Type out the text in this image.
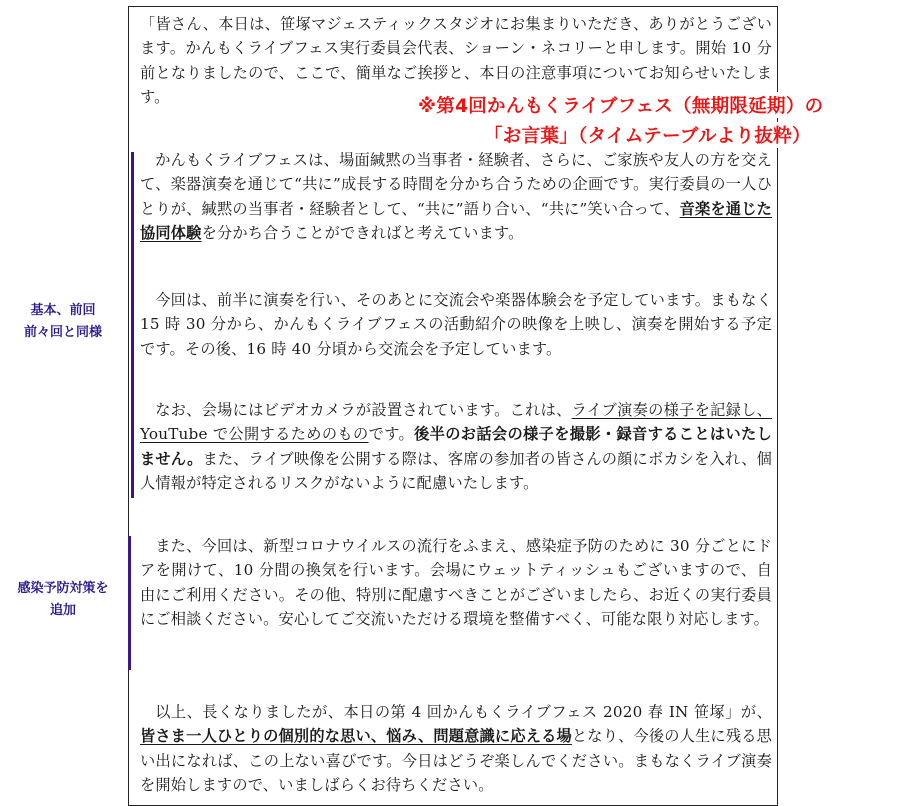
「皆さん、本日は、笹塚マジェスティックスタジオにお集まりいただき、ありがとうございます。かんもくライブフェス実行委員会代表、ショーン・ネコリーと申します。開始 10 分前となりましたので、ここで、簡単なご挨拶と、本日の注意事項についてお知らせいたします。	※第4回かんもくライブフェス（無期限延期）の
「お言葉」（タイムテーブルより抜粋）

かんもくライブフェスは、場面緘黙の当事者・経験者、さらに、ご家族や友人の方を交えて、楽器演奏を通じて“共に”成長する時間を分かち合うための企画です。実行委員の一人ひとりが、緘黙の当事者・経験者として、“共に”語り合い、“共に”笑い合って、音楽を通じた協同体験を分かち合うことができればと考えています。

今回は、前半に演奏を行い、そのあとに交流会や楽器体験会を予定しています。まもなく 15 時 30 分から、かんもくライブフェスの活動紹介の映像を上映し、演奏を開始する予定です。その後、16 時 40 分頃から交流会を予定しています。

なお、会場にはビデオカメラが設置されています。これは、ライブ演奏の様子を記録し、YouTube で公開するためのものです。後半のお話会の様子を撮影・録音することはいたしません。また、ライブ映像を公開する際は、客席の参加者の皆さんの顔にボカシを入れ、個人情報が特定されるリスクがないように配慮いたします。

また、今回は、新型コロナウイルスの流行をふまえ、感染症予防のために 30 分ごとにドアを開けて、10 分間の換気を行います。会場にウェットティッシュもございますので、自由にご利用ください。その他、特別に配慮すべきことがございましたら、お近くの実行委員にご相談ください。安心してご交流いただける環境を整備すべく、可能な限り対応します。

以上、長くなりましたが、本日の第 4 回かんもくライブフェス 2020 春 IN 笹塚」が、皆さま一人ひとりの個別的な思い、悩み、問題意識に応える場となり、今後の人生に残る思い出になれば、この上ない喜びです。今日はどうぞ楽しんでください。まもなくライブ演奏を開始しますので、いましばらくお待ちください。

基本、前回
前々回と同様
感染予防対策を
追加
